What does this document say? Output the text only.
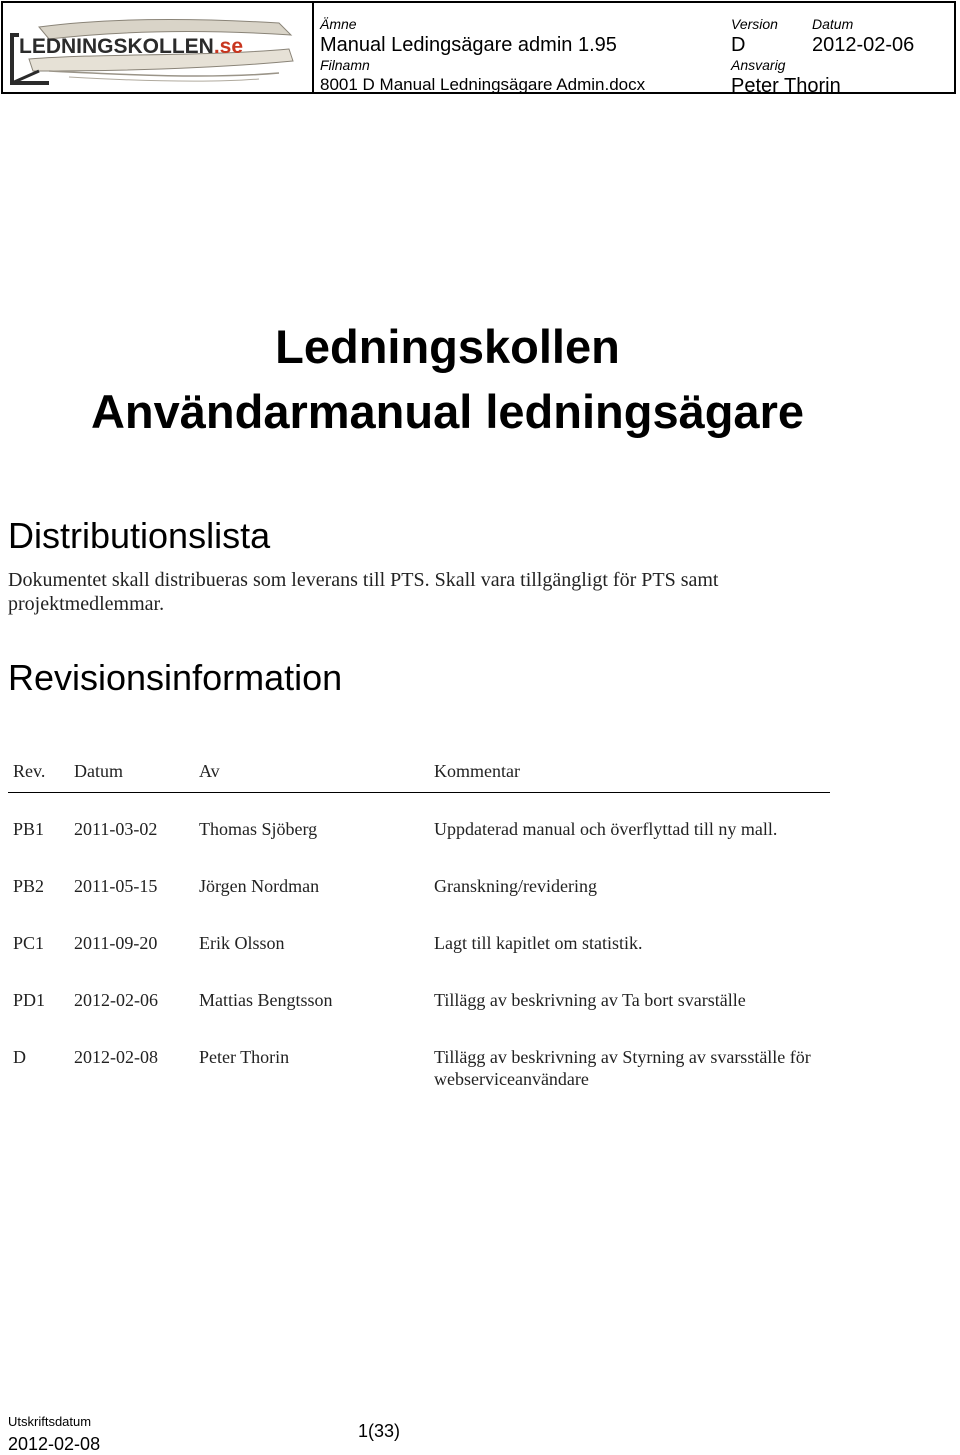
LEDNINGSKOLLEN.se
Ämne
Manual Ledingsägare admin 1.95
Version
D
Datum
2012-02-06
Filnamn
8001 D Manual Ledningsägare Admin.docx
Ansvarig
Peter Thorin
Ledningskollen
Användarmanual ledningsägare
Distributionslista
Dokumentet skall distribueras som leverans till PTS. Skall vara tillgängligt för PTS samt projektmedlemmar.
Revisionsinformation
Rev. Datum	Av	Kommentar
PB1 2011-03-02 Thomas Sjöberg	Uppdaterad manual och överflyttad till ny mall.
PB2 2011-05-15 Jörgen Nordman	Granskning/revidering
PC1 2011-09-20 Erik Olsson	Lagt till kapitlet om statistik.
PD1 2012-02-06 Mattias Bengtsson	Tillägg av beskrivning av Ta bort svarställe
D	2012-02-08 Peter Thorin	Tillägg av beskrivning av Styrning av svarsställe för webserviceanvändare
Utskriftsdatum
2012-02-08
1(33)
